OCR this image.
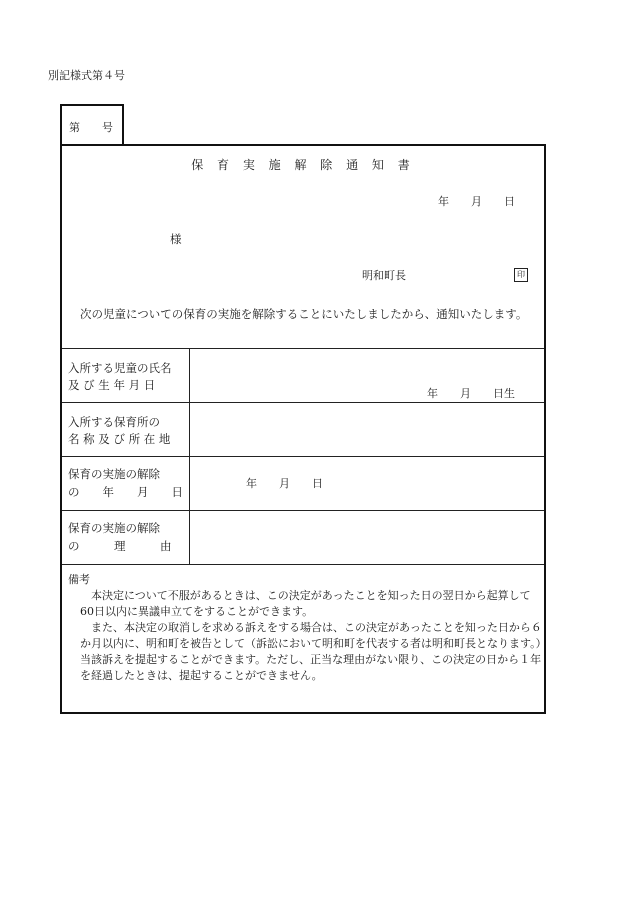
別記様式第４号
第　　号
保 育 実 施 解 除 通 知 書
年　　月　　日
様
明和町長	印
次の児童についての保育の実施を解除することにいたしましたから、通知いたします。
入所する児童の氏名
及 び 生 年 月 日
年　　月　　日生
入所する保育所の
名 称 及 び 所 在 地
保育の実施の解除
の　　年　　月　　日
年　　月　　日
保育の実施の解除
の　　　理　　　由

備考

　本決定について不服があるときは、この決定があったことを知った日の翌日から起算して60日以内に異議申立てをすることができます。

　また、本決定の取消しを求める訴えをする場合は、この決定があったことを知った日から６か月以内に、明和町を被告として（訴訟において明和町を代表する者は明和町長となります。）当該訴えを提起することができます。ただし、正当な理由がない限り、この決定の日から１年を経過したときは、提起することができません。
